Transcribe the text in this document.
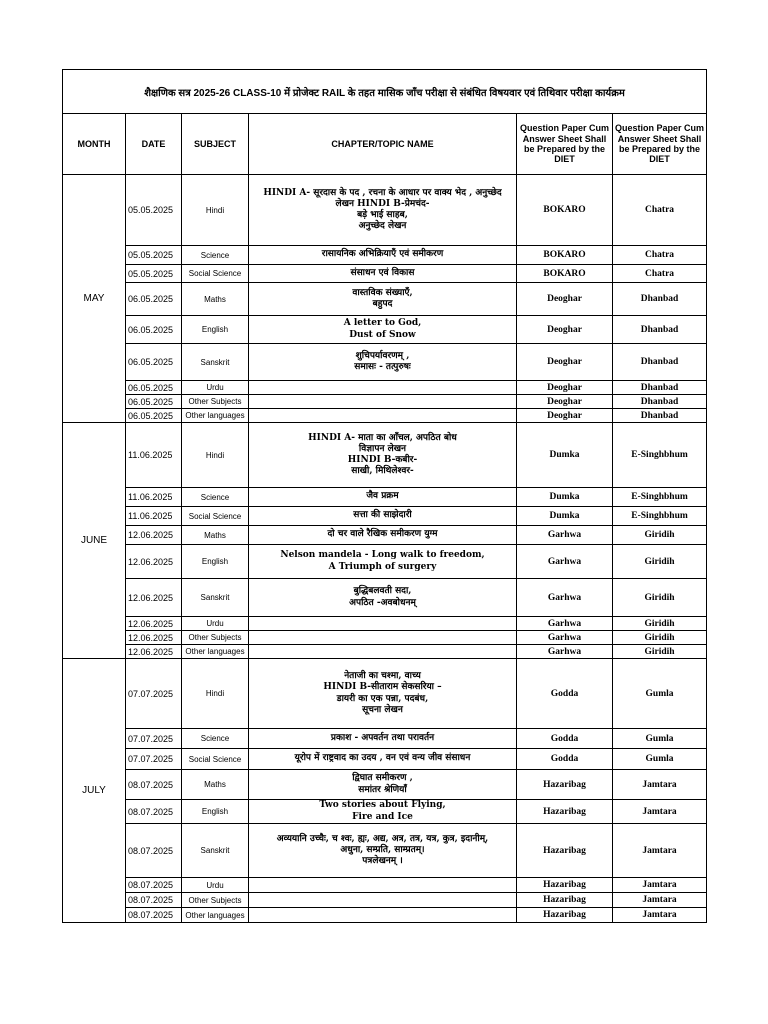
शैक्षणिक सत्र 2025-26 CLASS-10 में प्रोजेक्ट RAIL के तहत मासिक जाँच परीक्षा से संबंधित विषयवार एवं तिथिवार परीक्षा कार्यक्रम					
MONTH	DATE	SUBJECT	CHAPTER/TOPIC NAME	Question Paper Cum Answer Sheet Shall be Prepared by the DIET	Question Paper Cum Answer Sheet Shall be Prepared by the DIET
MAY	05.05.2025	Hindi	HINDI A- सूरदास के पद , रचना के आधार पर वाक्य भेद , अनुच्छेद
लेखन HINDI B-प्रेमचंद-
बड़े भाई साहब,
अनुच्छेद लेखन	BOKARO	Chatra
	05.05.2025	Science	रासायनिक अभिक्रियाएँ एवं समीकरण	BOKARO	Chatra
	05.05.2025	Social Science	संसाधन एवं विकास	BOKARO	Chatra
	06.05.2025	Maths	वास्तविक संख्याएँ,
बहुपद	Deoghar	Dhanbad
	06.05.2025	English	A letter to God,
Dust of Snow	Deoghar	Dhanbad
	06.05.2025	Sanskrit	शुचिपर्यावरणम् ,
समासः - तत्पुरुषः	Deoghar	Dhanbad
	06.05.2025	Urdu		Deoghar	Dhanbad
	06.05.2025	Other Subjects		Deoghar	Dhanbad
	06.05.2025	Other languages		Deoghar	Dhanbad
JUNE	11.06.2025	Hindi	HINDI A- माता का आँचल, अपठित बोध
विज्ञापन लेखन
HINDI B-कबीर-
साखी, मिथिलेश्वर-	Dumka	E-Singhbhum
	11.06.2025	Science	जैव प्रक्रम	Dumka	E-Singhbhum
	11.06.2025	Social Science	सत्ता की साझेदारी	Dumka	E-Singhbhum
	12.06.2025	Maths	दो चर वाले रैखिक समीकरण युग्म	Garhwa	Giridih
	12.06.2025	English	Nelson mandela - Long walk to freedom,
A Triumph of surgery	Garhwa	Giridih
	12.06.2025	Sanskrit	बुद्धिबलवती सदा,
अपठित -अवबोधनम्	Garhwa	Giridih
	12.06.2025	Urdu		Garhwa	Giridih
	12.06.2025	Other Subjects		Garhwa	Giridih
	12.06.2025	Other languages		Garhwa	Giridih
JULY	07.07.2025	Hindi	नेताजी का चश्मा, वाच्य
HINDI B-सीताराम सेकसरिया –
डायरी का एक पन्ना, पदबंध,
सूचना लेखन	Godda	Gumla
	07.07.2025	Science	प्रकाश - अपवर्तन तथा परावर्तन	Godda	Gumla
	07.07.2025	Social Science	यूरोप में राष्ट्रवाद का उदय , वन एवं वन्य जीव संसाधन	Godda	Gumla
	08.07.2025	Maths	द्विघात समीकरण ,
समांतर श्रेणियाँ	Hazaribag	Jamtara
	08.07.2025	English	Two stories about Flying,
Fire and Ice	Hazaribag	Jamtara
	08.07.2025	Sanskrit	अव्ययानि उच्चैः, च श्वः, ह्यः, अद्य, अत्र, तत्र, यत्र, कुत्र, इदानीम्,
अधुना, सम्प्रति, साम्प्रतम्।
पत्रलेखनम् ।	Hazaribag	Jamtara
	08.07.2025	Urdu		Hazaribag	Jamtara
	08.07.2025	Other Subjects		Hazaribag	Jamtara
	08.07.2025	Other languages		Hazaribag	Jamtara
